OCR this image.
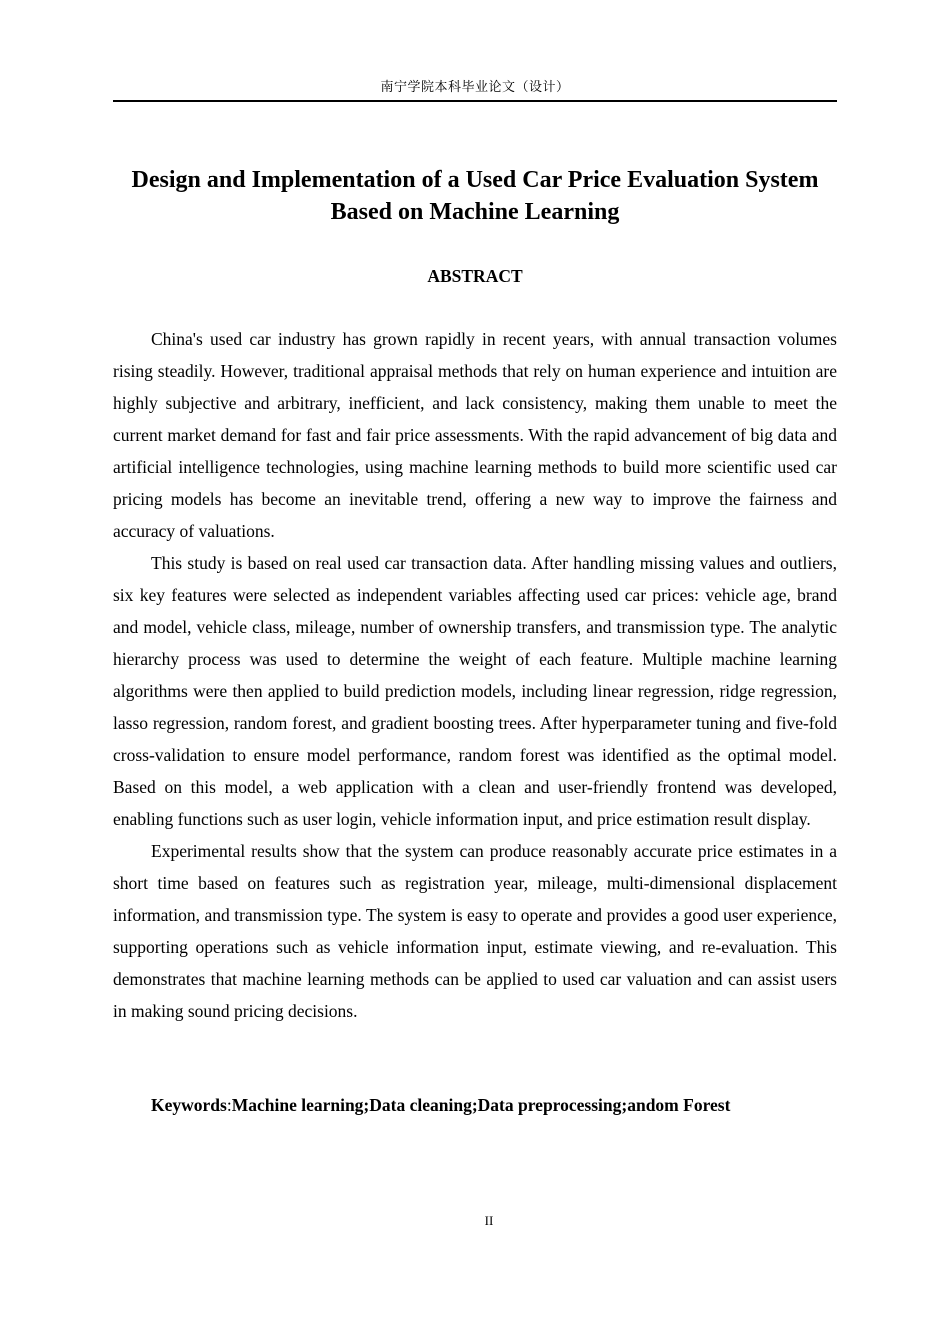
南宁学院本科毕业论文（设计）
Design and Implementation of a Used Car Price Evaluation System Based on Machine Learning
ABSTRACT

China's used car industry has grown rapidly in recent years, with annual transaction volumes rising steadily. However, traditional appraisal methods that rely on human experience and intuition are highly subjective and arbitrary, inefficient, and lack consistency, making them unable to meet the current market demand for fast and fair price assessments. With the rapid advancement of big data and artificial intelligence technologies, using machine learning methods to build more scientific used car pricing models has become an inevitable trend, offering a new way to improve the fairness and accuracy of valuations.

This study is based on real used car transaction data. After handling missing values and outliers, six key features were selected as independent variables affecting used car prices: vehicle age, brand and model, vehicle class, mileage, number of ownership transfers, and transmission type. The analytic hierarchy process was used to determine the weight of each feature. Multiple machine learning algorithms were then applied to build prediction models, including linear regression, ridge regression, lasso regression, random forest, and gradient boosting trees. After hyperparameter tuning and five-fold cross-validation to ensure model performance, random forest was identified as the optimal model. Based on this model, a web application with a clean and user-friendly frontend was developed, enabling functions such as user login, vehicle information input, and price estimation result display.

Experimental results show that the system can produce reasonably accurate price estimates in a short time based on features such as registration year, mileage, multi-dimensional displacement information, and transmission type. The system is easy to operate and provides a good user experience, supporting operations such as vehicle information input, estimate viewing, and re-evaluation. This demonstrates that machine learning methods can be applied to used car valuation and can assist users in making sound pricing decisions.

Keywords:Machine learning;Data cleaning;Data preprocessing;andom Forest

II
